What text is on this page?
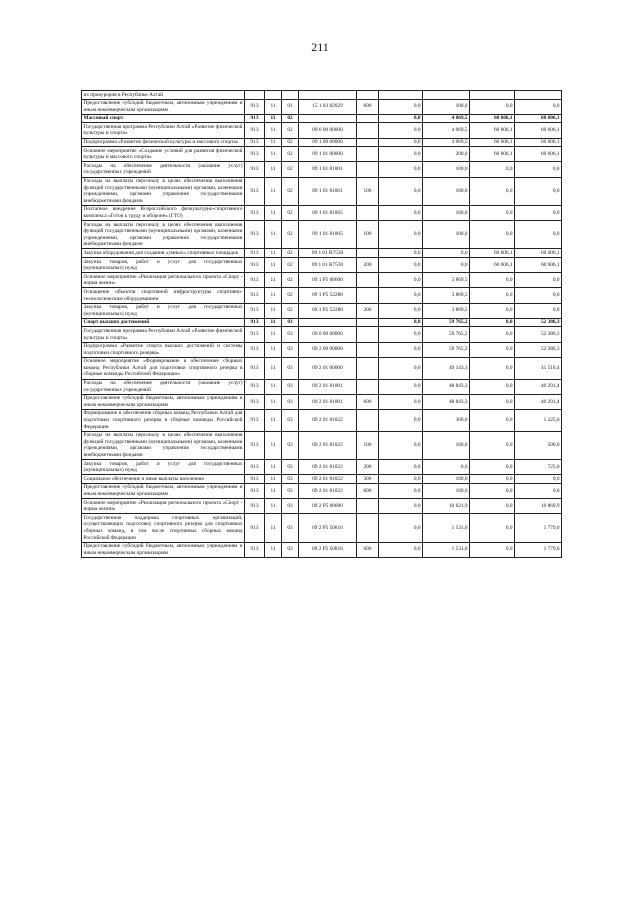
211
их прокуроров в Республике Алтай									
Предоставление субсидий бюджетным, автономным учреждениям и иным некоммерческим организациям	913	11	01	15 1 03 82029	600	0,0	100,0	0,0	0,0
Массовый спорт	913	11	02			0,0	4 069,5	60 606,1	60 606,1
Государственная программа Республики Алтай «Развитие физической культуры и спорта»	913	11	02	09 0 00 00000		0,0	4 069,5	60 606,1	60 606,1
Подпрограмма «Развитие физической культуры и массового спорта»	913	11	02	09 1 00 00000		0,0	4 069,5	60 606,1	60 606,1
Основное мероприятие «Создание условий для развития физической культуры и массового спорта»	913	11	02	09 1 01 00000		0,0	200,0	60 606,1	60 606,1
Расходы на обеспечение деятельности (оказание услуг) государственных учреждений	913	11	02	09 1 01 81001		0,0	100,0	0,0	0,0
Расходы на выплаты персоналу в целях обеспечения выполнения функций государственными (муниципальными) органами, казенными учреждениями, органами управления государственными внебюджетными фондами	913	11	02	09 1 01 81001	100	0,0	100,0	0,0	0,0
Поэтапное внедрение Всероссийского физкультурно-спортивного комплекса «Готов к труду и обороне» (ГТО)	913	11	02	09 1 01 81005		0,0	100,0	0,0	0,0
Расходы на выплаты персоналу в целях обеспечения выполнения функций государственными (муниципальными) органами, казенными учреждениями, органами управления государственными внебюджетными фондами	913	11	02	09 1 01 81005	100	0,0	100,0	0,0	0,0
Закупка оборудования для создания «умных» спортивных площадок	913	11	02	09 1 01 R7530		0,0	0,0	60 606,1	60 606,1
Закупка товаров, работ и услуг для государственных (муниципальных) нужд	913	11	02	09 1 01 R7530	200	0,0	0,0	60 606,1	60 606,1
Основное мероприятие «Реализация регионального проекта «Спорт - норма жизни»	913	11	02	09 1 P5 00000		0,0	3 869,5	0,0	0,0
Оснащение объектов спортивной инфраструктуры спортивно-технологическим оборудованием	913	11	02	09 1 P5 52280		0,0	3 869,5	0,0	0,0
Закупка товаров, работ и услуг для государственных (муниципальных) нужд	913	11	02	09 1 P5 52280	200	0,0	3 869,5	0,0	0,0
Спорт высших достижений	913	11	03			0,0	59 765,2	0,0	52 386,3
Государственная программа Республики Алтай «Развитие физической культуры и спорта»	913	11	03	09 0 00 00000		0,0	59 765,2	0,0	52 386,3
Подпрограмма «Развитие спорта высших достижений и системы подготовки спортивного резерва»	913	11	03	09 2 00 00000		0,0	59 765,2	0,0	52 386,3
Основное мероприятие «Формирование и обеспечение сборных команд Республики Алтай для подготовки спортивного резерва в сборные команды Российской Федерации»	913	11	03	09 2 01 00000		0,0	49 143,3	0,0	41 516,4
Расходы на обеспечение деятельности (оказание услуг) государственных учреждений	913	11	03	09 2 01 81001		0,0	48 843,3	0,0	40 291,4
Предоставление субсидий бюджетным, автономным учреждениям и иным некоммерческим организациям	913	11	03	09 2 01 81001	600	0,0	48 843,3	0,0	40 291,4
Формирование и обеспечение сборных команд Республики Алтай для подготовки спортивного резерва в сборные команды Российской Федерации	913	11	03	09 2 01 81022		0,0	300,0	0,0	1 225,0
Расходы на выплаты персоналу в целях обеспечения выполнения функций государственными (муниципальными) органами, казенными учреждениями, органами управления государственными внебюджетными фондами	913	11	03	09 2 01 81022	100	0,0	100,0	0,0	500,0
Закупка товаров, работ и услуг для государственных (муниципальных) нужд	913	11	03	09 2 01 81022	200	0,0	0,0	0,0	725,0
Социальное обеспечение и иные выплаты населению	913	11	03	09 2 01 81022	300	0,0	100,0	0,0	0,0
Предоставление субсидий бюджетным, автономным учреждениям и иным некоммерческим организациям	913	11	03	09 2 01 81022	600	0,0	100,0	0,0	0,0
Основное мероприятие «Реализация регионального проекта «Спорт - норма жизни»	913	11	03	09 2 P5 00000		0,0	10 621,9	0,0	10 869,9
Государственная поддержка спортивных организаций, осуществляющих подготовку спортивного резерва для спортивных сборных команд, в том числе спортивных сборных команд Российской Федерации	913	11	03	09 2 P5 50810		0,0	1 531,0	0,0	1 779,0
Предоставление субсидий бюджетным, автономным учреждениям и иным некоммерческим организациям	913	11	03	09 2 P5 50810	600	0,0	1 531,0	0,0	1 779,0
